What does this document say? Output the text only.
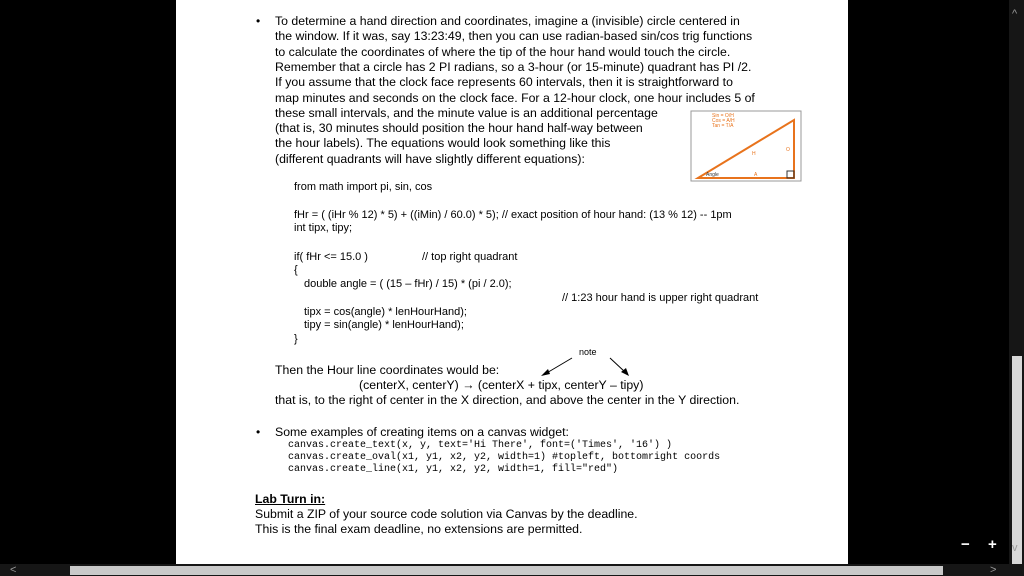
• To determine a hand direction and coordinates, imagine a (invisible) circle centered in
the window. If it was, say 13:23:49, then you can use radian-based sin/cos trig functions
to calculate the coordinates of where the tip of the hour hand would touch the circle.
Remember that a circle has 2 PI radians, so a 3-hour (or 15-minute) quadrant has PI /2.
If you assume that the clock face represents 60 intervals, then it is straightforward to
map minutes and seconds on the clock face. For a 12-hour clock, one hour includes 5 of
these small intervals, and the minute value is an additional percentage
(that is, 30 minutes should position the hour hand half-way between
the hour labels). The equations would look something like this
(different quadrants will have slightly different equations):
Sin = O/H
Cos = A/H
Tan = T/A
Angle
H
O
A
from math import pi, sin, cos
fHr = ( (iHr % 12) * 5) + ((iMin) / 60.0) * 5); // exact position of hour hand: (13 % 12) -- 1pm
int tipx, tipy;
if( fHr <= 15.0 )	// top right quadrant
{
double angle = ( (15 – fHr) / 15) * (pi / 2.0);
// 1:23 hour hand is upper right quadrant
tipx = cos(angle) * lenHourHand);
tipy = sin(angle) * lenHourHand);
}
note
Then the Hour line coordinates would be:
(centerX, centerY) → (centerX + tipx, centerY – tipy)
that is, to the right of center in the X direction, and above the center in the Y direction.
• Some examples of creating items on a canvas widget:
canvas.create_text(x, y, text='Hi There', font=('Times', '16') )
canvas.create_oval(x1, y1, x2, y2, width=1) #topleft, bottomright coords
canvas.create_line(x1, y1, x2, y2, width=1, fill="red")
Lab Turn in:
Submit a ZIP of your source code solution via Canvas by the deadline.
This is the final exam deadline, no extensions are permitted.
− +
^
v
<	>
